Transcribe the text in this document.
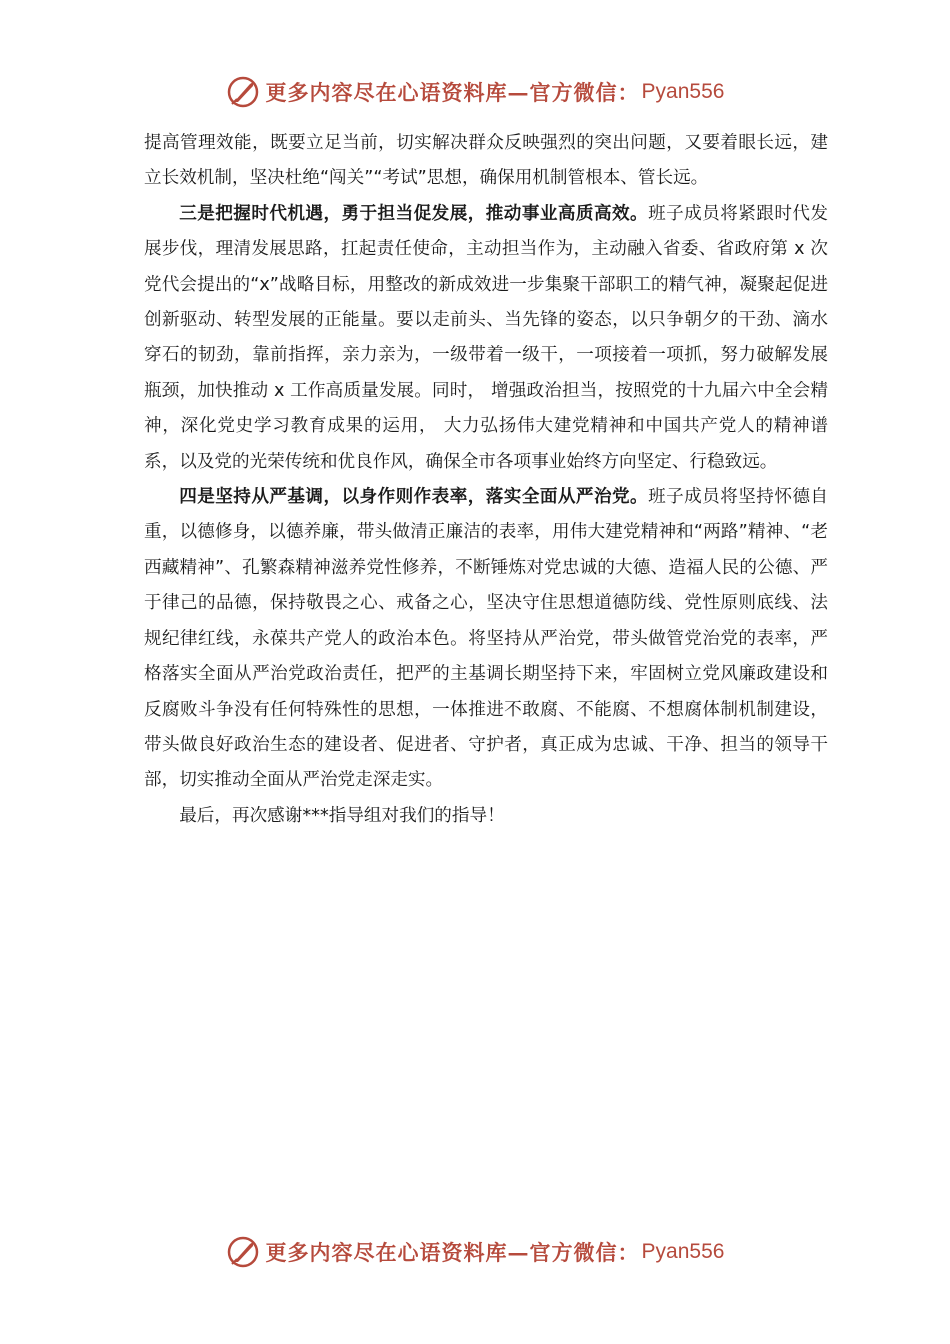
更多内容尽在心语资料库—官方微信： Pyan556

提高管理效能，既要立足当前，切实解决群众反映强烈的突出问题，又要着眼长远，建立长效机制，坚决杜绝“闯关”“考试”思想，确保用机制管根本、管长远。

三是把握时代机遇，勇于担当促发展，推动事业高质高效。班子成员将紧跟时代发展步伐，理清发展思路，扛起责任使命，主动担当作为，主动融入省委、省政府第 x 次党代会提出的“x”战略目标，用整改的新成效进一步集聚干部职工的精气神，凝聚起促进创新驱动、转型发展的正能量。要以走前头、当先锋的姿态，以只争朝夕的干劲、滴水穿石的韧劲，靠前指挥，亲力亲为，一级带着一级干，一项接着一项抓，努力破解发展瓶颈，加快推动 x 工作高质量发展。同时， 增强政治担当，按照党的十九届六中全会精神，深化党史学习教育成果的运用， 大力弘扬伟大建党精神和中国共产党人的精神谱系，以及党的光荣传统和优良作风，确保全市各项事业始终方向坚定、行稳致远。

四是坚持从严基调，以身作则作表率，落实全面从严治党。班子成员将坚持怀德自重，以德修身，以德养廉，带头做清正廉洁的表率，用伟大建党精神和“两路”精神、“老西藏精神”、孔繁森精神滋养党性修养，不断锤炼对党忠诚的大德、造福人民的公德、严于律己的品德，保持敬畏之心、戒备之心，坚决守住思想道德防线、党性原则底线、法规纪律红线，永葆共产党人的政治本色。将坚持从严治党，带头做管党治党的表率，严格落实全面从严治党政治责任，把严的主基调长期坚持下来，牢固树立党风廉政建设和反腐败斗争没有任何特殊性的思想，一体推进不敢腐、不能腐、不想腐体制机制建设，带头做良好政治生态的建设者、促进者、守护者，真正成为忠诚、干净、担当的领导干部，切实推动全面从严治党走深走实。

最后，再次感谢***指导组对我们的指导！

更多内容尽在心语资料库—官方微信： Pyan556
